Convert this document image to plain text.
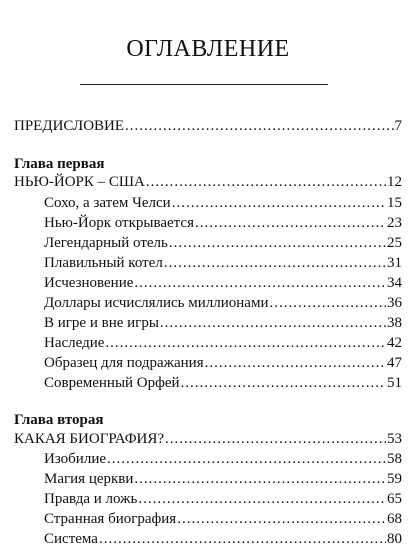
ОГЛАВЛЕНИЕ
ПРЕДИСЛОВИЕ .....	7
Глава первая
НЬЮ-ЙОРК – США .....	12
Сохо, а затем Челси .....	15
Нью-Йорк открывается .....	23
Легендарный отель .....	25
Плавильный котел .....	31
Исчезновение .....	34
Доллары исчислялись миллионами .....	36
В игре и вне игры .....	38
Наследие .....	42
Образец для подражания .....	47
Современный Орфей .....	51
Глава вторая
КАКАЯ БИОГРАФИЯ? .....	53
Изобилие .....	58
Магия церкви .....	59
Правда и ложь .....	65
Странная биография .....	68
Система .....	80
